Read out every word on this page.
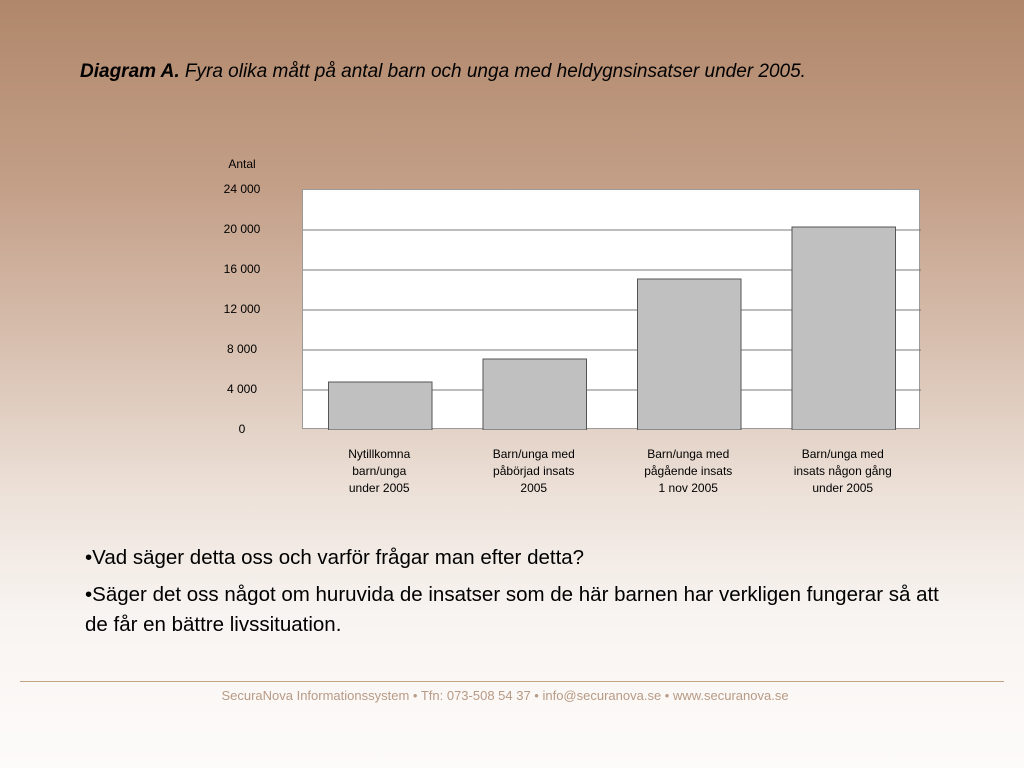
Diagram A. Fyra olika mått på antal barn och unga med heldygnsinsatser under 2005.
Antal
0
4 000
8 000
12 000
16 000
20 000
24 000
Nytillkomna
barn/unga
under 2005
Barn/unga med
påbörjad insats
2005
Barn/unga med
pågående insats
1 nov 2005
Barn/unga med
insats någon gång
under 2005
•Vad säger detta oss och varför frågar man efter detta?
•Säger det oss något om huruvida de insatser som de här barnen har verkligen fungerar så att de får en bättre livssituation.
SecuraNova Informationssystem • Tfn: 073-508 54 37 • info@securanova.se • www.securanova.se
